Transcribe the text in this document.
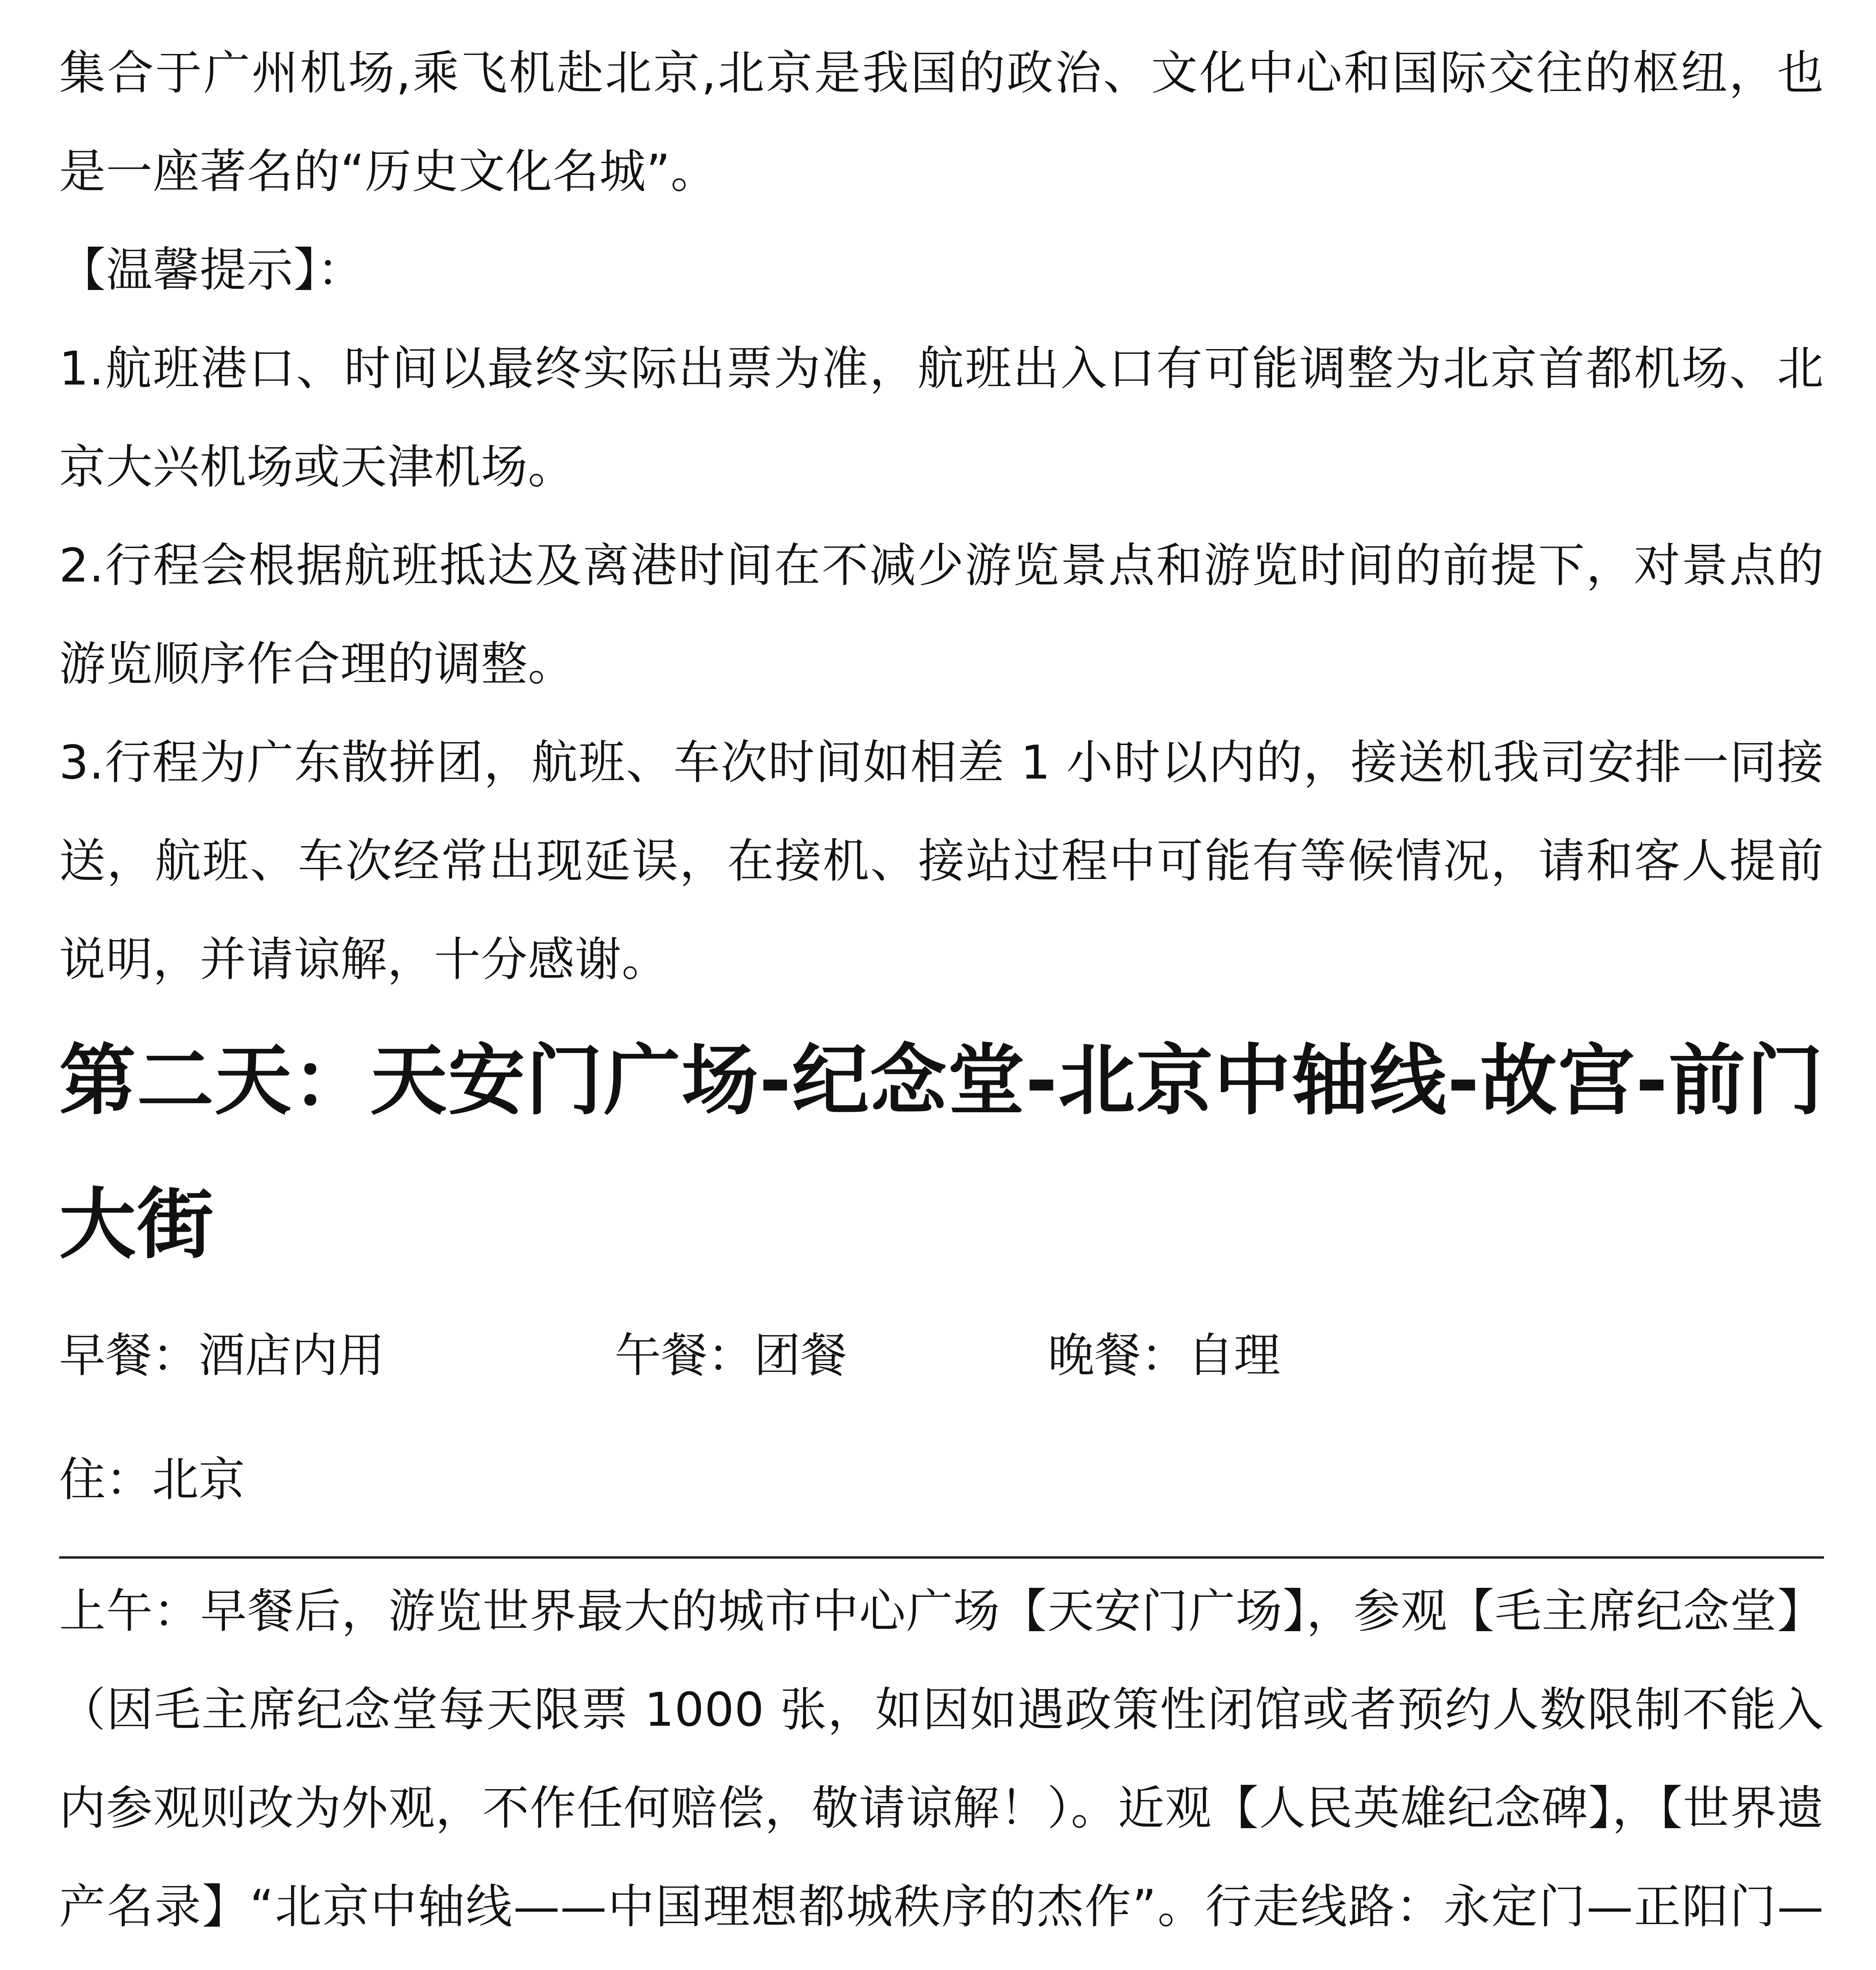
集合于广州机场,乘飞机赴北京,北京是我国的政治、文化中心和国际交往的枢纽，也是一座著名的“历史文化名城”。

【温馨提示】：

1.航班港口、时间以最终实际出票为准，航班出入口有可能调整为北京首都机场、北京大兴机场或天津机场。

2.行程会根据航班抵达及离港时间在不减少游览景点和游览时间的前提下，对景点的游览顺序作合理的调整。

3.行程为广东散拼团，航班、车次时间如相差 1 小时以内的，接送机我司安排一同接送，航班、车次经常出现延误，在接机、接站过程中可能有等候情况，请和客人提前说明，并请谅解，十分感谢。

第二天：天安门广场-纪念堂-北京中轴线-故宫-前门大街
早餐：酒店内用	午餐：团餐	晚餐：自理
住：北京

上午：早餐后，游览世界最大的城市中心广场【天安门广场】，参观【毛主席纪念堂】（因毛主席纪念堂每天限票 1000 张，如因如遇政策性闭馆或者预约人数限制不能入内参观则改为外观，不作任何赔偿，敬请谅解！）。近观【人民英雄纪念碑】，【世界遗产名录】“北京中轴线——中国理想都城秩序的杰作”。行走线路：永定门—正阳门—
